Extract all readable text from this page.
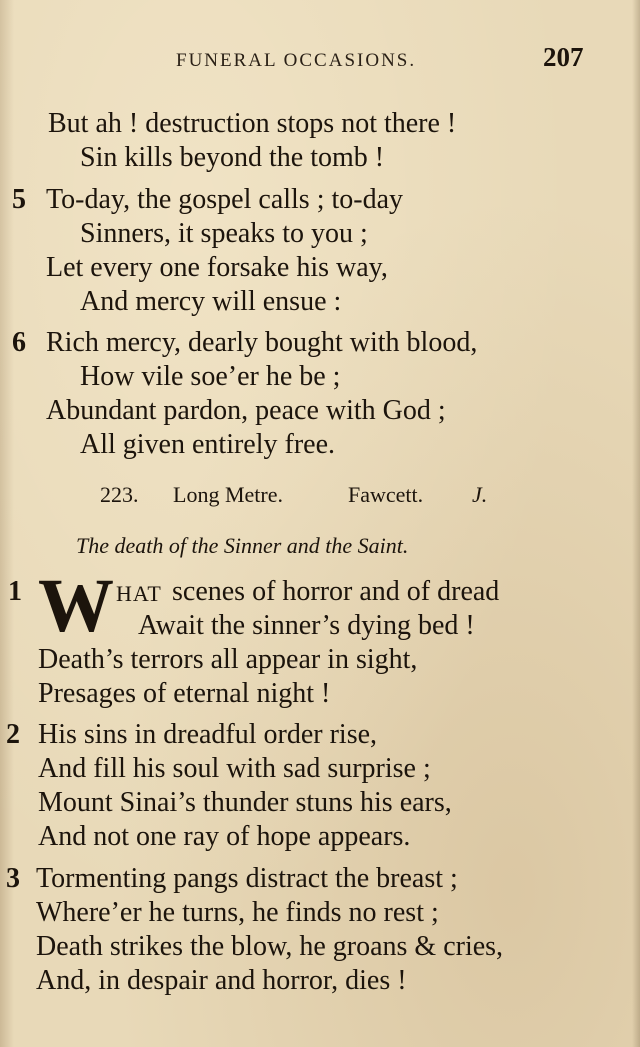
FUNERAL OCCASIONS.	207
But ah ! destruction stops not there !
Sin kills beyond the tomb !
5 To-day, the gospel calls ; to-day
Sinners, it speaks to you ;
Let every one forsake his way,
And mercy will ensue :
6 Rich mercy, dearly bought with blood,
How vile soe’er he be ;
Abundant pardon, peace with God ;
All given entirely free.
223. Long Metre.	Fawcett. J.
The death of the Sinner and the Saint.
1 W HAT scenes of horror and of dread
Await the sinner’s dying bed !
Death’s terrors all appear in sight,
Presages of eternal night !
2 His sins in dreadful order rise,
And fill his soul with sad surprise ;
Mount Sinai’s thunder stuns his ears,
And not one ray of hope appears.
3 Tormenting pangs distract the breast ;
Where’er he turns, he finds no rest ;
Death strikes the blow, he groans & cries,
And, in despair and horror, dies !
